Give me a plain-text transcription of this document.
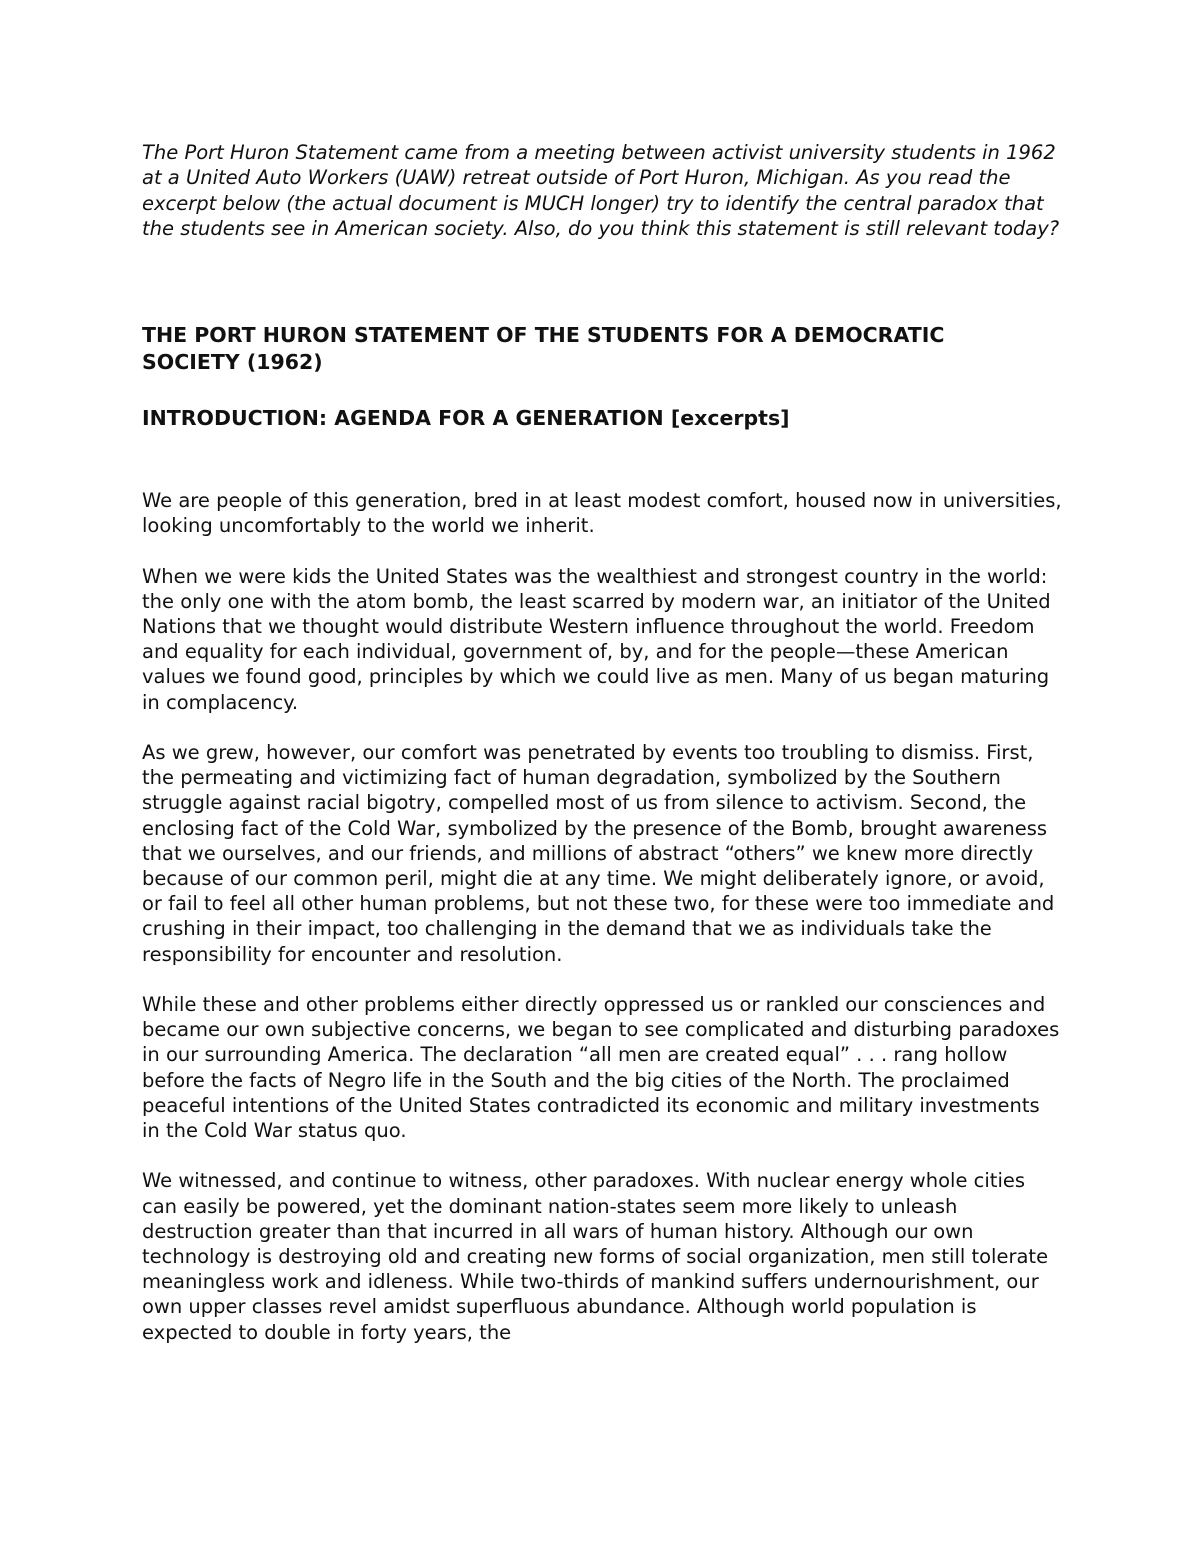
The Port Huron Statement came from a meeting between activist university students in 1962 at a United Auto Workers (UAW) retreat outside of Port Huron, Michigan. As you read the excerpt below (the actual document is MUCH longer) try to identify the central paradox that the students see in American society. Also, do you think this statement is still relevant today?

THE PORT HURON STATEMENT OF THE STUDENTS FOR A DEMOCRATIC SOCIETY (1962)
INTRODUCTION: AGENDA FOR A GENERATION [excerpts]

We are people of this generation, bred in at least modest comfort, housed now in universities, looking uncomfortably to the world we inherit.

When we were kids the United States was the wealthiest and strongest country in the world: the only one with the atom bomb, the least scarred by modern war, an initiator of the United Nations that we thought would distribute Western influence throughout the world. Freedom and equality for each individual, government of, by, and for the people—these American values we found good, principles by which we could live as men. Many of us began maturing in complacency.

As we grew, however, our comfort was penetrated by events too troubling to dismiss. First, the permeating and victimizing fact of human degradation, symbolized by the Southern struggle against racial bigotry, compelled most of us from silence to activism. Second, the enclosing fact of the Cold War, symbolized by the presence of the Bomb, brought awareness that we ourselves, and our friends, and millions of abstract “others” we knew more directly because of our common peril, might die at any time. We might deliberately ignore, or avoid, or fail to feel all other human problems, but not these two, for these were too immediate and crushing in their impact, too challenging in the demand that we as individuals take the responsibility for encounter and resolution.

While these and other problems either directly oppressed us or rankled our consciences and became our own subjective concerns, we began to see complicated and disturbing paradoxes in our surrounding America. The declaration “all men are created equal” . . . rang hollow before the facts of Negro life in the South and the big cities of the North. The proclaimed peaceful intentions of the United States contradicted its economic and military investments in the Cold War status quo.

We witnessed, and continue to witness, other paradoxes. With nuclear energy whole cities can easily be powered, yet the dominant nation-states seem more likely to unleash destruction greater than that incurred in all wars of human history. Although our own technology is destroying old and creating new forms of social organization, men still tolerate meaningless work and idleness. While two-thirds of mankind suffers undernourishment, our own upper classes revel amidst superfluous abundance. Although world population is expected to double in forty years, the
